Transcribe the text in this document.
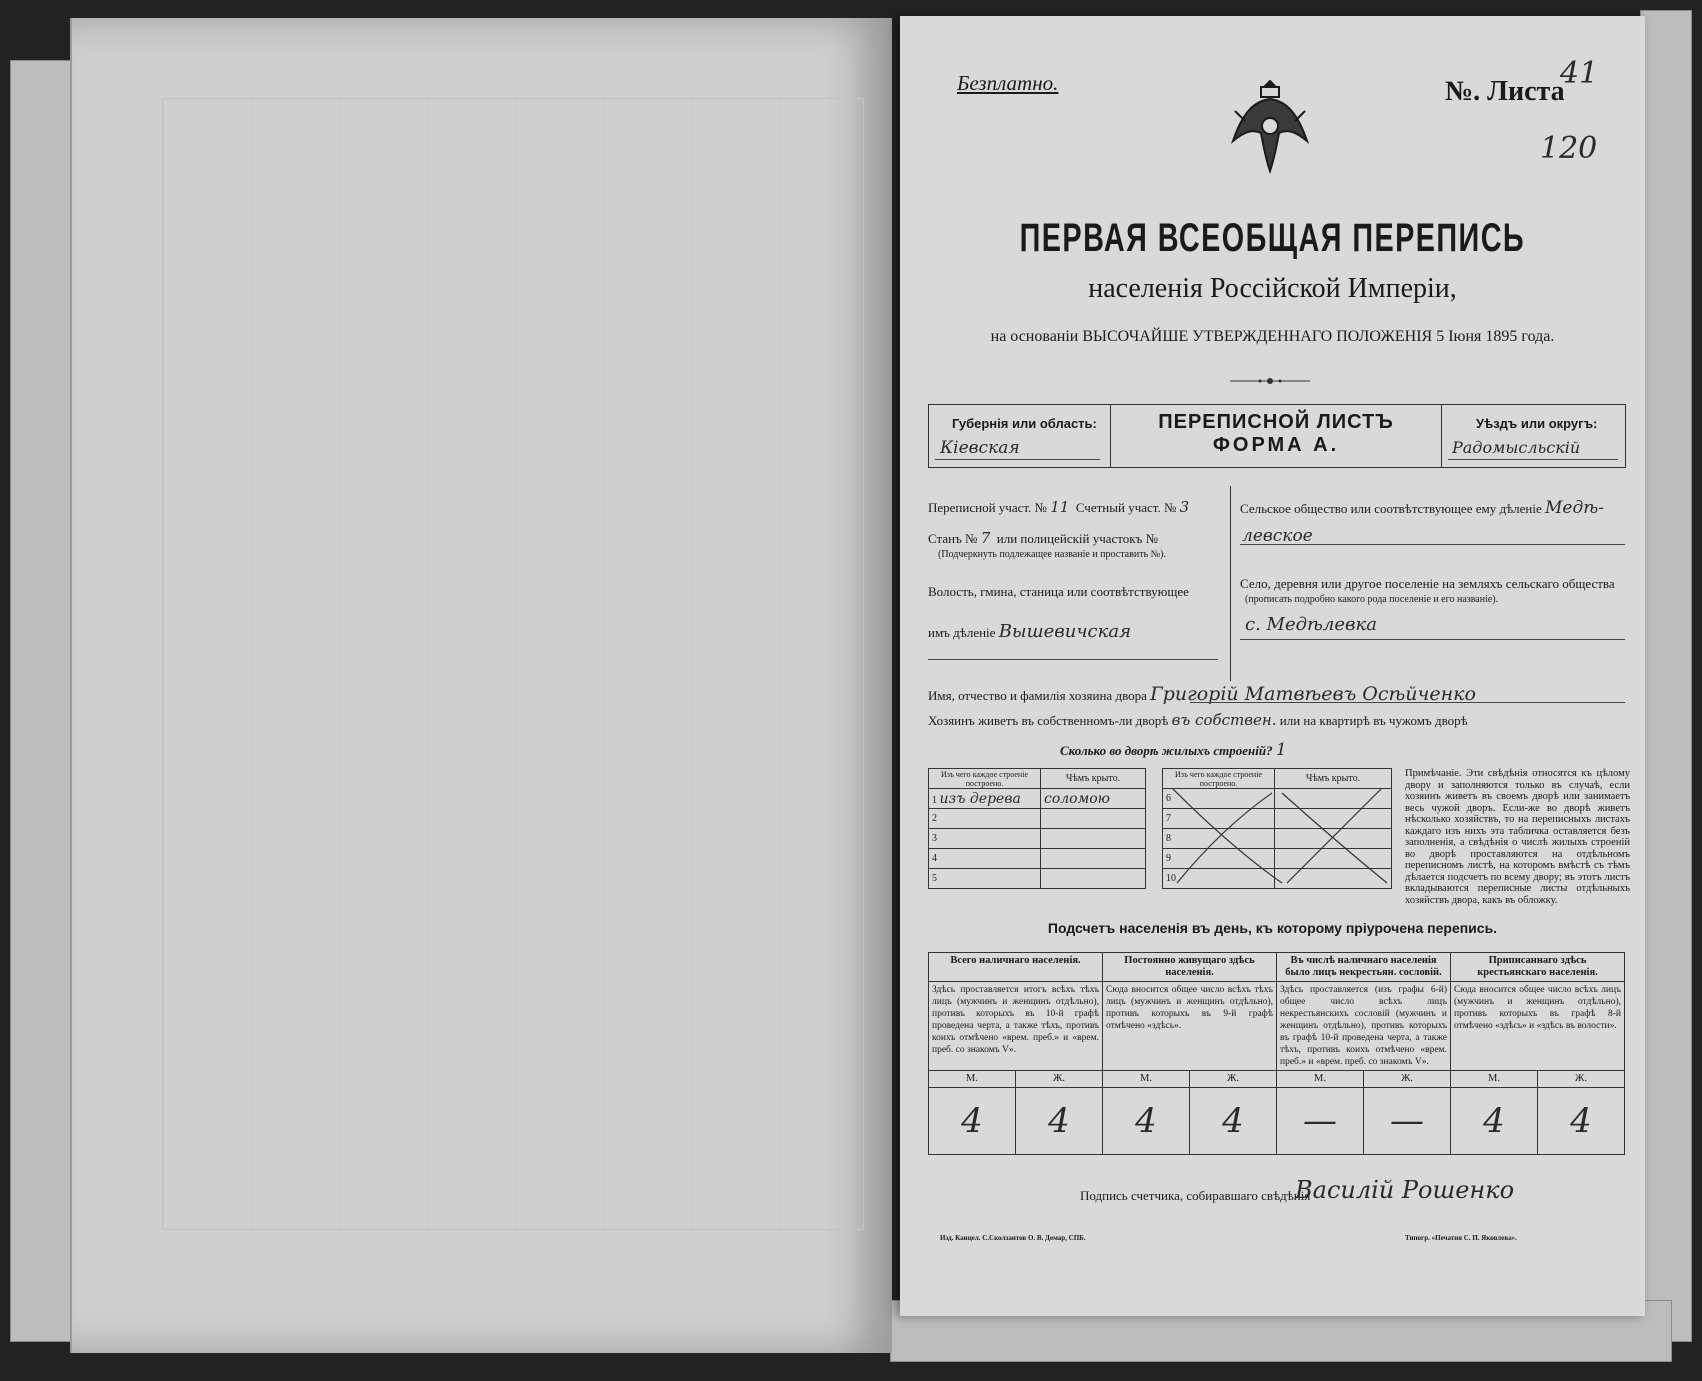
Безплатно.	№. Листа
41
120
ПЕРВАЯ ВСЕОБЩАЯ ПЕРЕПИСЬ
населенія Россійской Имперіи,
на основаніи ВЫСОЧАЙШЕ УТВЕРЖДЕННАГО ПОЛОЖЕНІЯ 5 Іюня 1895 года.
Губернія или область:
Кіевская
ПЕРЕПИСНОЙ ЛИСТЪ
ФОРМА А.
Уѣздъ или округъ:
Радомысльскій
Переписной участ. № 11 Счетный участ. № 3
Станъ № 7 или полицейскій участокъ №
(Подчеркнуть подлежащее названіе и проставить №).
Волость, гмина, станица или соотвѣтствующее
имъ дѣленіе Вышевичская
Сельское общество или соотвѣтствующее ему дѣленіе Медѣ-
левское
Село, деревня или другое поселеніе на земляхъ сельскаго общества
(прописать подробно какого рода поселеніе и его названіе).
с. Медѣлевка
Имя, отчество и фамилія хозяина двора Григорій Матвѣевъ Осѣйченко
Хозяинъ живетъ въ собственномъ-ли дворѣ въ собствен. или на квартирѣ въ чужомъ дворѣ
Сколько во дворѣ жилыхъ строеній? 1
Изъ чего каждое строеніе построено.	Чѣмъ крыто.
1 изъ дерева	соломою
2	
3	
4	
5	
Изъ чего каждое строеніе построено.	Чѣмъ крыто.
6	
7	
8	
9	
10	
Примѣчаніе. Эти свѣдѣнія относятся къ цѣлому двору и заполняются только въ случаѣ, если хозяинъ живетъ въ своемъ дворѣ или занимаетъ весь чужой дворъ. Если-же во дворѣ живетъ нѣсколько хозяйствъ, то на переписныхъ листахъ каждаго изъ нихъ эта табличка оставляется безъ заполненія, а свѣдѣнія о числѣ жилыхъ строеній во дворѣ проставляются на отдѣльномъ переписномъ листѣ, на которомъ вмѣстѣ съ тѣмъ дѣлается подсчетъ по всему двору; въ этотъ листъ вкладываются переписные листы отдѣльныхъ хозяйствъ двора, какъ въ обложку.
Подсчетъ населенія въ день, къ которому пріурочена перепись.
Всего наличнаго населенія.		Постоянно живущаго здѣсь населенія.		Въ числѣ наличнаго населенія было лицъ некрестьян. сословій.		Приписаннаго здѣсь крестьянскаго населенія.	
Здѣсь проставляется итогъ всѣхъ тѣхъ лицъ (мужчинъ и женщинъ отдѣльно), противъ которыхъ въ 10-й графѣ проведена черта, а также тѣхъ, противъ коихъ отмѣчено «врем. преб.» и «врем. преб. со знакомъ V».		Сюда вносится общее число всѣхъ тѣхъ лицъ (мужчинъ и женщинъ отдѣльно), противъ которыхъ въ 9-й графѣ отмѣчено «здѣсь».		Здѣсь проставляется (изъ графы 6-й) общее число всѣхъ лицъ некрестьянскихъ сословій (мужчинъ и женщинъ отдѣльно), противъ которыхъ въ графѣ 10-й проведена черта, а также тѣхъ, противъ коихъ отмѣчено «врем. преб.» и «врем. преб. со знакомъ V».		Сюда вносится общее число всѣхъ лицъ (мужчинъ и женщинъ отдѣльно), противъ которыхъ въ графѣ 8-й отмѣчено «здѣсь» и «здѣсь въ волости».	
М.	Ж.	М.	Ж.	М.	Ж.	М.	Ж.
4	4	4	4	—	—	4	4
Подпись счетчика, собиравшаго свѣдѣнія
Василій Рошенко
Изд. Канцел. С.Сколзантов О. В. Демар, СПБ.	Типогр. «Печатня С. П. Яковлева».
